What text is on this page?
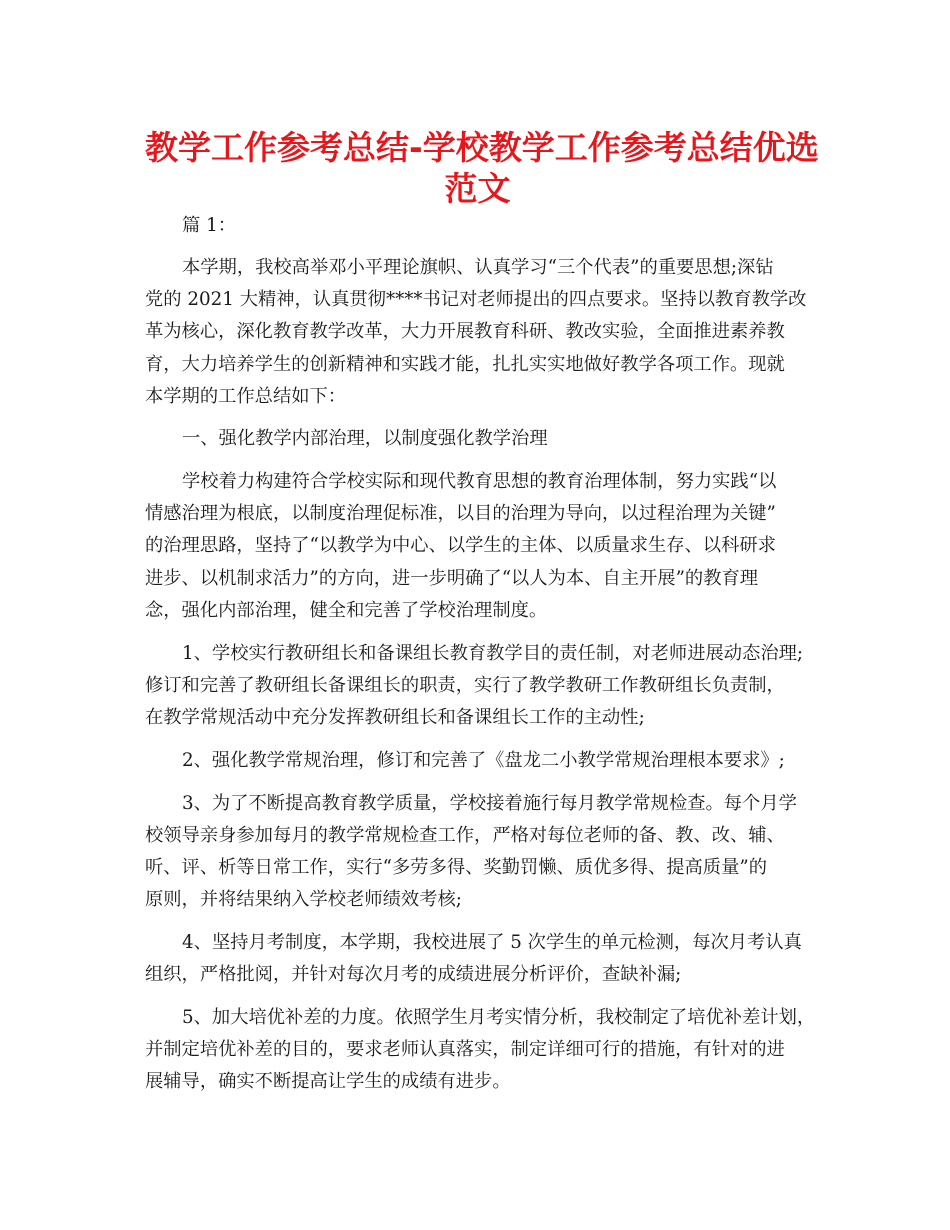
教学工作参考总结-学校教学工作参考总结优选
范文
篇 1：
本学期，我校高举邓小平理论旗帜、认真学习“三个代表”的重要思想;深钻
党的 2021 大精神，认真贯彻****书记对老师提出的四点要求。坚持以教育教学改
革为核心，深化教育教学改革，大力开展教育科研、教改实验，全面推进素养教
育，大力培养学生的创新精神和实践才能，扎扎实实地做好教学各项工作。现就
本学期的工作总结如下：
一、强化教学内部治理，以制度强化教学治理
学校着力构建符合学校实际和现代教育思想的教育治理体制，努力实践“以
情感治理为根底，以制度治理促标准，以目的治理为导向，以过程治理为关键”
的治理思路，坚持了“以教学为中心、以学生的主体、以质量求生存、以科研求
进步、以机制求活力”的方向，进一步明确了“以人为本、自主开展”的教育理
念，强化内部治理，健全和完善了学校治理制度。
1、学校实行教研组长和备课组长教育教学目的责任制，对老师进展动态治理;
修订和完善了教研组长备课组长的职责，实行了教学教研工作教研组长负责制，
在教学常规活动中充分发挥教研组长和备课组长工作的主动性;
2、强化教学常规治理，修订和完善了《盘龙二小教学常规治理根本要求》;
3、为了不断提高教育教学质量，学校接着施行每月教学常规检查。每个月学
校领导亲身参加每月的教学常规检查工作，严格对每位老师的备、教、改、辅、
听、评、析等日常工作，实行“多劳多得、奖勤罚懒、质优多得、提高质量”的
原则，并将结果纳入学校老师绩效考核;
4、坚持月考制度，本学期，我校进展了 5 次学生的单元检测，每次月考认真
组织，严格批阅，并针对每次月考的成绩进展分析评价，查缺补漏;
5、加大培优补差的力度。依照学生月考实情分析，我校制定了培优补差计划，
并制定培优补差的目的，要求老师认真落实，制定详细可行的措施，有针对的进
展辅导，确实不断提高让学生的成绩有进步。
